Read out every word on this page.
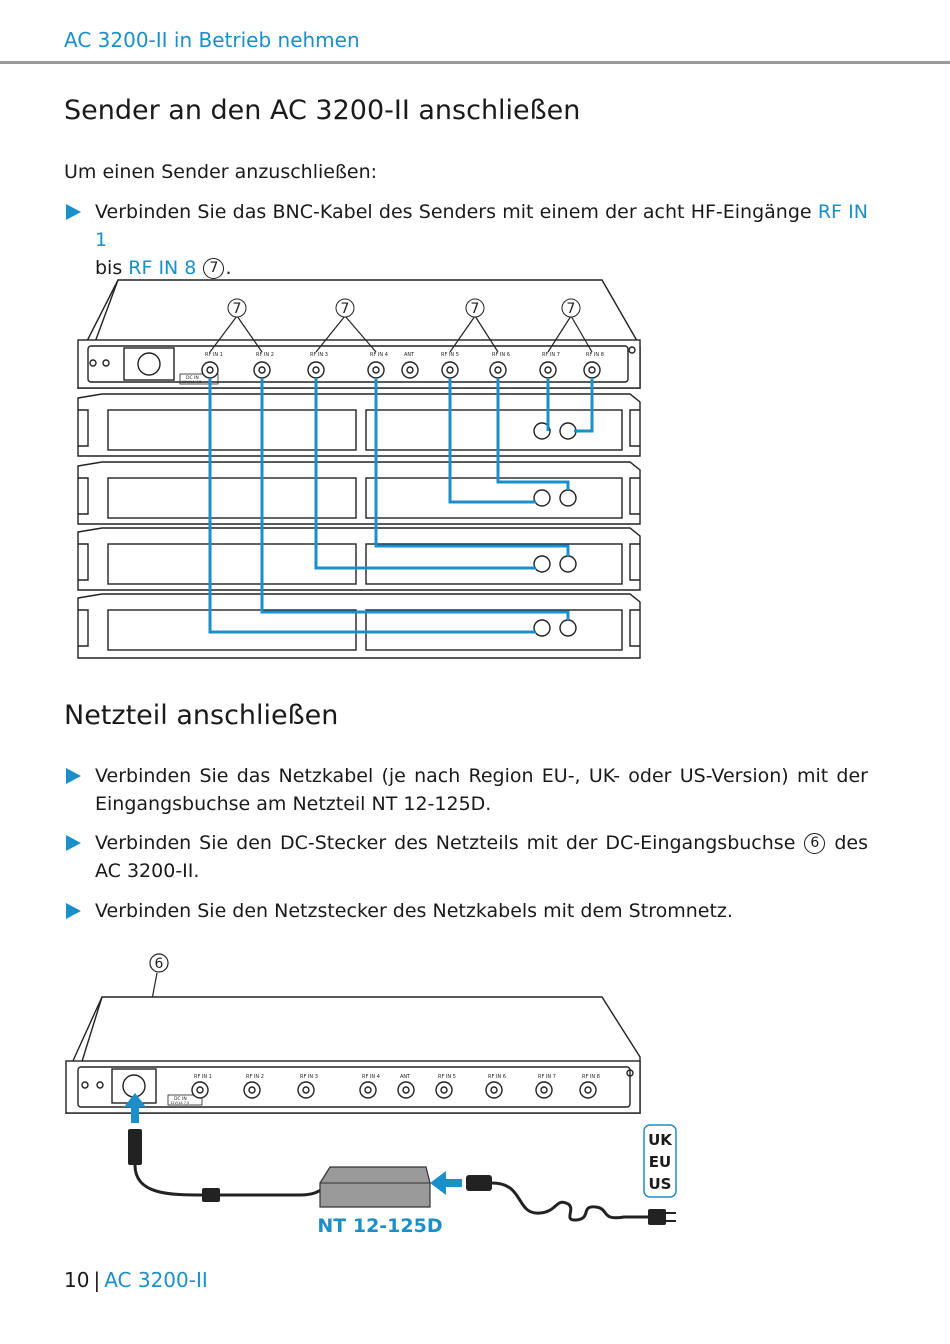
AC 3200-II in Betrieb nehmen
Sender an den AC 3200-II anschließen
Um einen Sender anzuschließen:
Verbinden Sie das BNC-Kabel des Senders mit einem der acht HF-Eingänge RF IN 1
bis RF IN 8 7 .
RF IN 1	RF IN 2	RF IN 3	RF IN 4	ANT	RF IN 5	RF IN 6	RF IN 7	RF IN 8
DC IN
12V/1A 7,5
7	7	7	7
Netzteil anschließen
Verbinden Sie das Netzkabel (je nach Region EU-, UK- oder US-Version) mit der Eingangsbuchse am Netzteil NT 12-125D.
Verbinden Sie den DC-Stecker des Netzteils mit der DC-Eingangsbuchse 6 des AC 3200-II.
Verbinden Sie den Netzstecker des Netzkabels mit dem Stromnetz.
6
RF IN 1	RF IN 2	RF IN 3	RF IN 4	ANT	RF IN 5	RF IN 6	RF IN 7	RF IN 8
DC IN
12V/1A 7,5
UK
EU
US
NT 12-125D
10 | AC 3200-II
